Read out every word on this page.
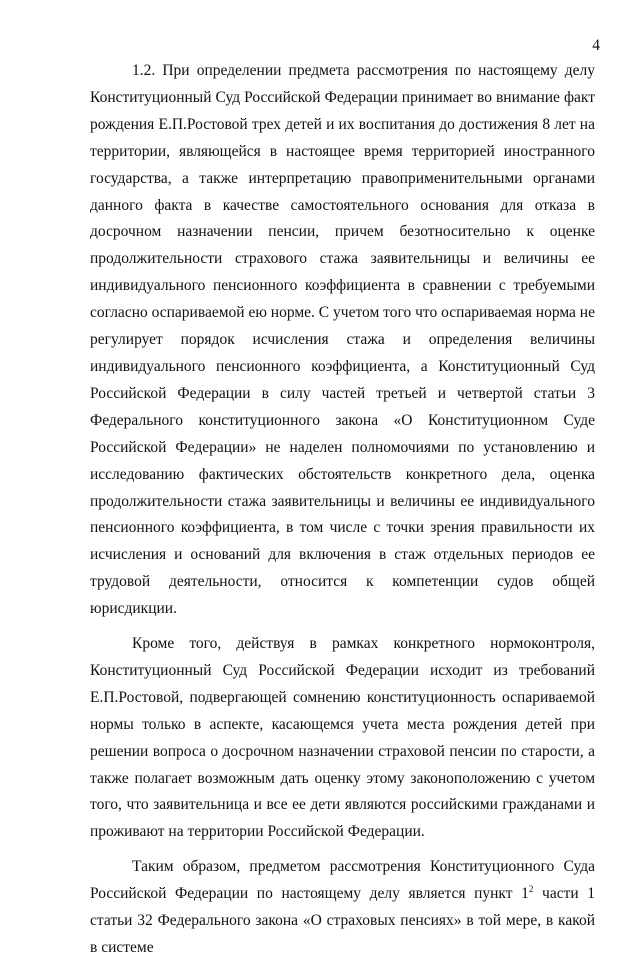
4

1.2. При определении предмета рассмотрения по настоящему делу Конституционный Суд Российской Федерации принимает во внимание факт рождения Е.П.Ростовой трех детей и их воспитания до достижения 8 лет на территории, являющейся в настоящее время территорией иностранного государства, а также интерпретацию правоприменительными органами данного факта в качестве самостоятельного основания для отказа в досрочном назначении пенсии, причем безотносительно к оценке продолжительности страхового стажа заявительницы и величины ее индивидуального пенсионного коэффициента в сравнении с требуемыми согласно оспариваемой ею норме. С учетом того что оспариваемая норма не регулирует порядок исчисления стажа и определения величины индивидуального пенсионного коэффициента, а Конституционный Суд Российской Федерации в силу частей третьей и четвертой статьи 3 Федерального конституционного закона «О Конституционном Суде Российской Федерации» не наделен полномочиями по установлению и исследованию фактических обстоятельств конкретного дела, оценка продолжительности стажа заявительницы и величины ее индивидуального пенсионного коэффициента, в том числе с точки зрения правильности их исчисления и оснований для включения в стаж отдельных периодов ее трудовой деятельности, относится к компетенции судов общей юрисдикции.

Кроме того, действуя в рамках конкретного нормоконтроля, Конституционный Суд Российской Федерации исходит из требований Е.П.Ростовой, подвергающей сомнению конституционность оспариваемой нормы только в аспекте, касающемся учета места рождения детей при решении вопроса о досрочном назначении страховой пенсии по старости, а также полагает возможным дать оценку этому законоположению с учетом того, что заявительница и все ее дети являются российскими гражданами и проживают на территории Российской Федерации.

Таким образом, предметом рассмотрения Конституционного Суда Российской Федерации по настоящему делу является пункт $1^2$ части 1 статьи 32 Федерального закона «О страховых пенсиях» в той мере, в какой в системе
